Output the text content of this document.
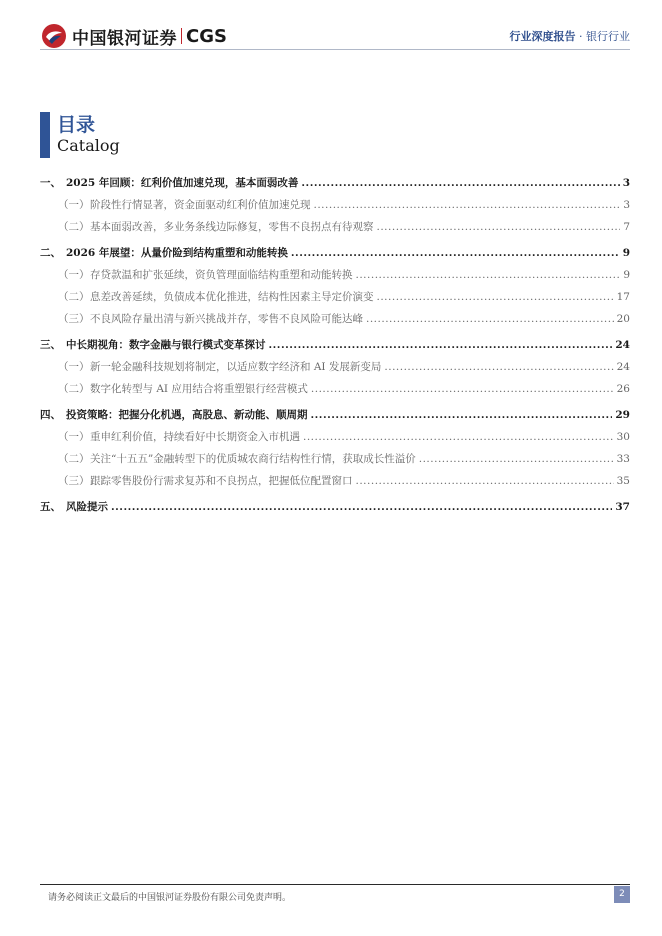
中国银河证券 CGS	行业深度报告 · 银行行业
目录
Catalog
一、 2025 年回顾：红利价值加速兑现，基本面弱改善 .....	3
（一） 阶段性行情显著，资金面驱动红利价值加速兑现 .....	3
（二） 基本面弱改善，多业务条线边际修复，零售不良拐点有待观察 .....	7
二、 2026 年展望：从量价险到结构重塑和动能转换 .....	9
（一） 存贷款温和扩张延续，资负管理面临结构重塑和动能转换 .....	9
（二） 息差改善延续，负债成本优化推进，结构性因素主导定价演变 .....	17
（三） 不良风险存量出清与新兴挑战并存，零售不良风险可能达峰 .....	20
三、 中长期视角：数字金融与银行模式变革探讨 .....	24
（一） 新一轮金融科技规划将制定，以适应数字经济和 AI 发展新变局 .....	24
（二） 数字化转型与 AI 应用结合将重塑银行经营模式 .....	26
四、 投资策略：把握分化机遇，高股息、新动能、顺周期 .....	29
（一） 重申红利价值，持续看好中长期资金入市机遇 .....	30
（二） 关注“十五五”金融转型下的优质城农商行结构性行情，获取成长性溢价 .....	33
（三） 跟踪零售股份行需求复苏和不良拐点，把握低位配置窗口 .....	35
五、 风险提示 .....	37
请务必阅读正文最后的中国银河证券股份有限公司免责声明。	2
